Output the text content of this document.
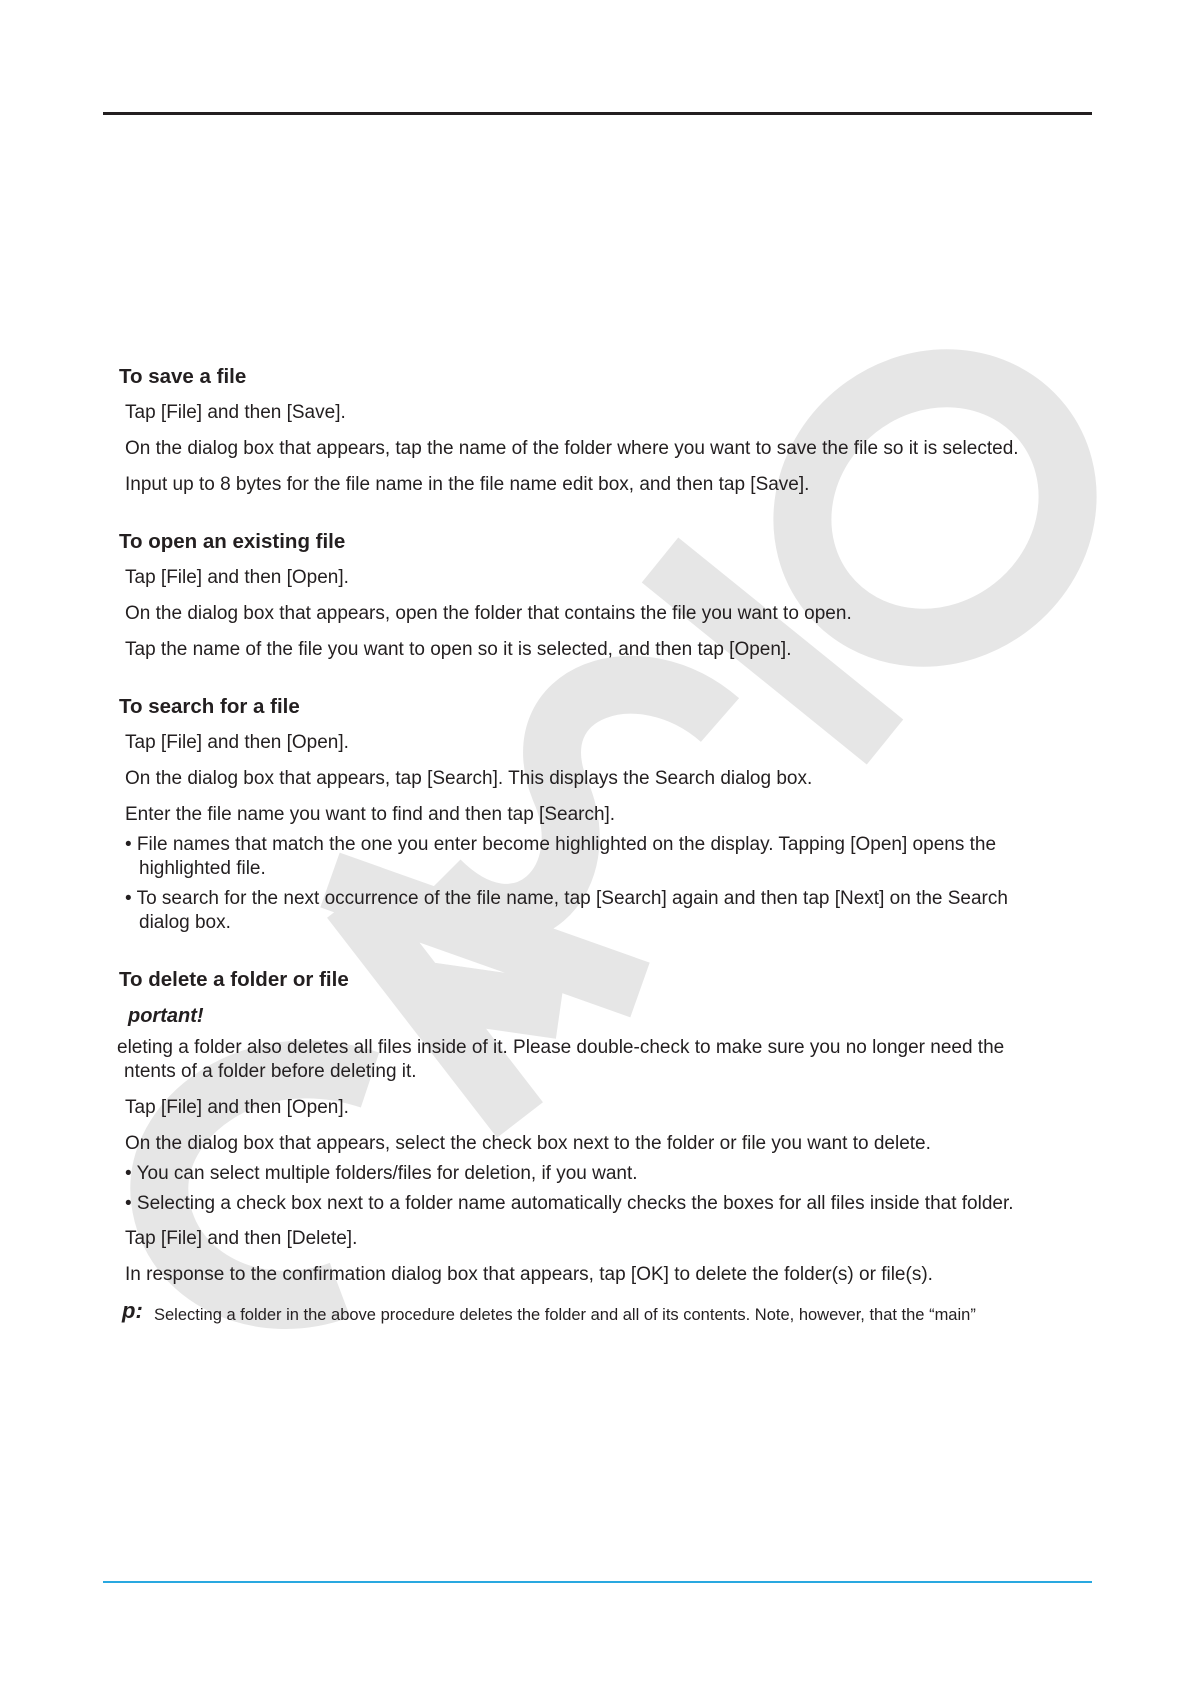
To save a file
Tap [File] and then [Save].
On the dialog box that appears, tap the name of the folder where you want to save the file so it is selected.
Input up to 8 bytes for the file name in the file name edit box, and then tap [Save].
To open an existing file
Tap [File] and then [Open].
On the dialog box that appears, open the folder that contains the file you want to open.
Tap the name of the file you want to open so it is selected, and then tap [Open].
To search for a file
Tap [File] and then [Open].
On the dialog box that appears, tap [Search]. This displays the Search dialog box.
Enter the file name you want to find and then tap [Search].
• File names that match the one you enter become highlighted on the display. Tapping [Open] opens the
highlighted file.
• To search for the next occurrence of the file name, tap [Search] again and then tap [Next] on the Search
dialog box.
To delete a folder or file
portant!
eleting a folder also deletes all files inside of it. Please double-check to make sure you no longer need the
ntents of a folder before deleting it.
Tap [File] and then [Open].
On the dialog box that appears, select the check box next to the folder or file you want to delete.
• You can select multiple folders/files for deletion, if you want.
• Selecting a check box next to a folder name automatically checks the boxes for all files inside that folder.
Tap [File] and then [Delete].
In response to the confirmation dialog box that appears, tap [OK] to delete the folder(s) or file(s).
p: Selecting a folder in the above procedure deletes the folder and all of its contents. Note, however, that the “main”
